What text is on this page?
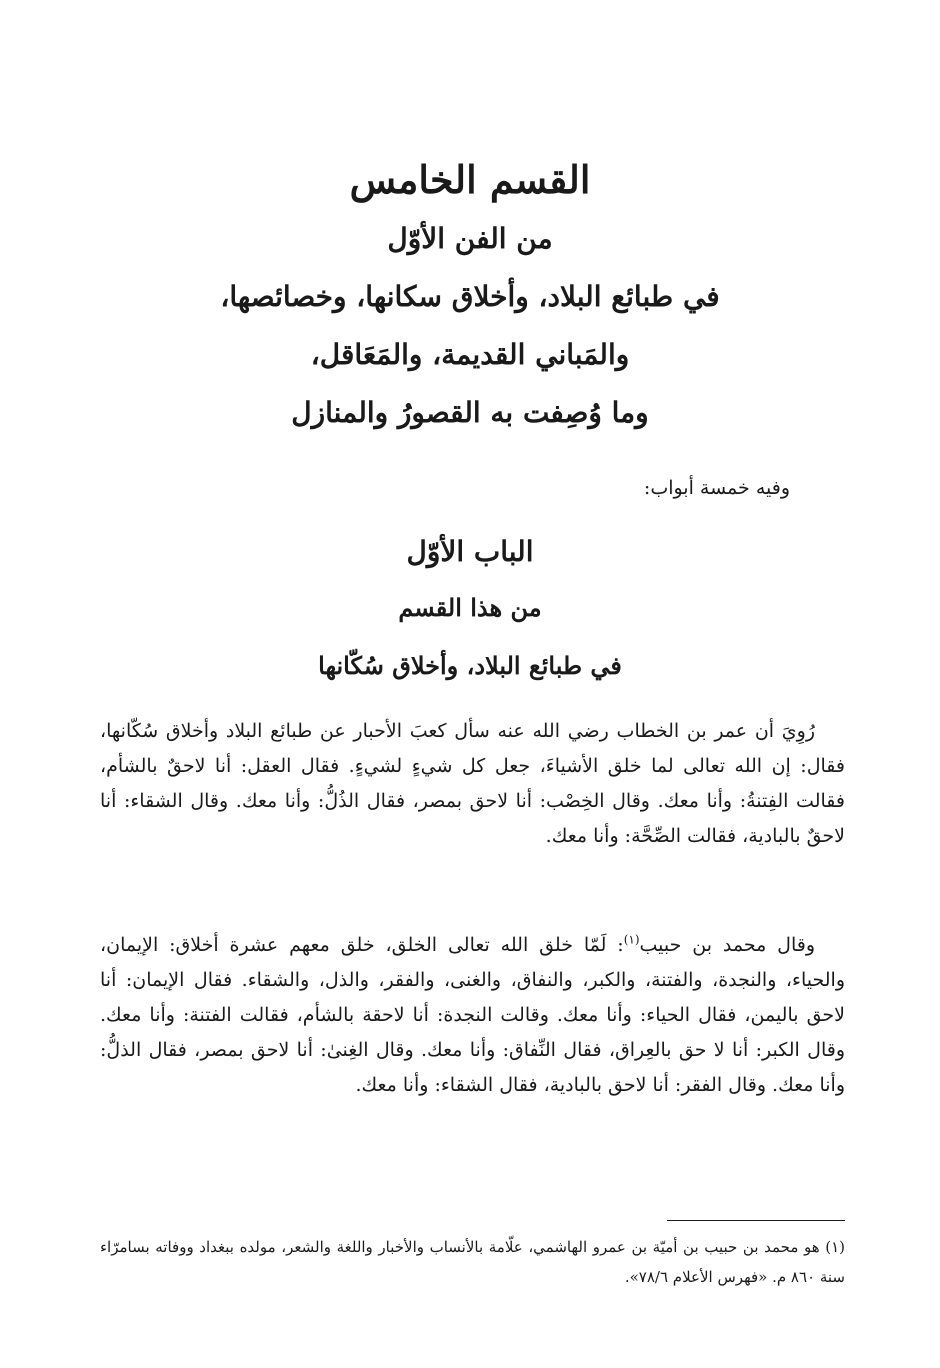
القسم الخامس

من الفن الأوّل

في طبائع البلاد، وأخلاق سكانها، وخصائصها،

والمَباني القديمة، والمَعَاقل،

وما وُصِفت به القصورُ والمنازل

وفيه خمسة أبواب:

الباب الأوّل

من هذا القسم

في طبائع البلاد، وأخلاق سُكّانها

رُوِيَ أن عمر بن الخطاب رضي الله عنه سأل كعبَ الأحبار عن طبائع البلاد وأخلاق سُكّانها، فقال: إن الله تعالى لما خلق الأشياءَ، جعل كل شيءٍ لشيءٍ. فقال العقل: أنا لاحقٌ بالشأم، فقالت الفِتنةُ: وأنا معك. وقال الخِصْب: أنا لاحق بمصر، فقال الذُلُّ: وأنا معك. وقال الشقاء: أنا لاحقٌ بالبادية، فقالت الصِّحَّة: وأنا معك.

وقال محمد بن حبيب$^{(١)}$: لَمّا خلق الله تعالى الخلق، خلق معهم عشرة أخلاق: الإيمان، والحياء، والنجدة، والفتنة، والكبر، والنفاق، والغنى، والفقر، والذل، والشقاء. فقال الإيمان: أنا لاحق باليمن، فقال الحياء: وأنا معك. وقالت النجدة: أنا لاحقة بالشأم، فقالت الفتنة: وأنا معك. وقال الكبر: أنا لا حق بالعِراق، فقال النِّفاق: وأنا معك. وقال الغِنىٰ: أنا لاحق بمصر، فقال الذلُّ: وأنا معك. وقال الفقر: أنا لاحق بالبادية، فقال الشقاء: وأنا معك.

(١) هو محمد بن حبيب بن أميّة بن عمرو الهاشمي، علّامة بالأنساب والأخبار واللغة والشعر، مولده ببغداد ووفاته بسامرّاء سنة ٨٦٠ م. «فهرس الأعلام ٧٨/٦».
